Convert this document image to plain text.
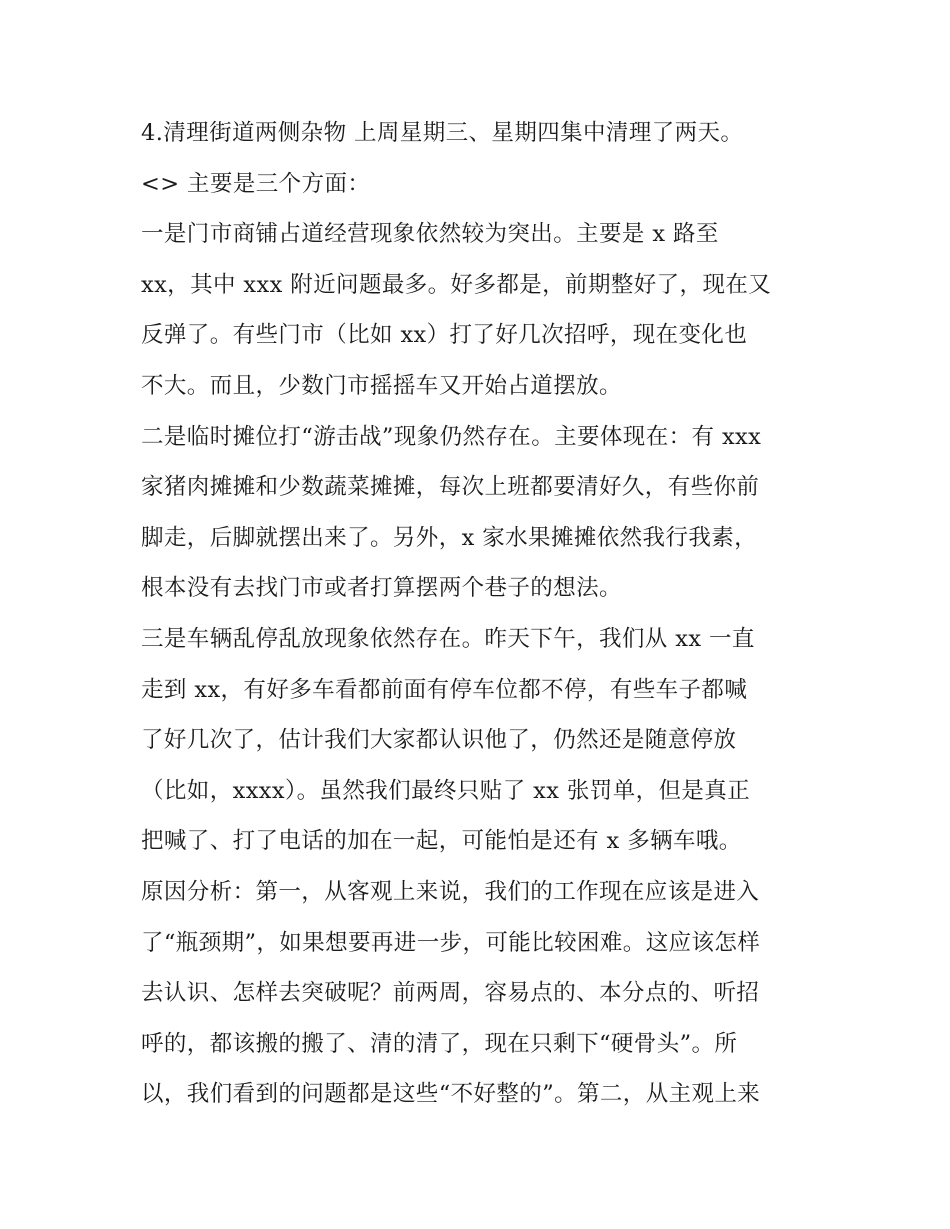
4.清理街道两侧杂物 上周星期三、星期四集中清理了两天。
<> 主要是三个方面：
一是门市商铺占道经营现象依然较为突出。主要是 x 路至
xx，其中 xxx 附近问题最多。好多都是，前期整好了，现在又
反弹了。有些门市（比如 xx）打了好几次招呼，现在变化也
不大。而且，少数门市摇摇车又开始占道摆放。
二是临时摊位打“游击战”现象仍然存在。主要体现在：有 xxx
家猪肉摊摊和少数蔬菜摊摊，每次上班都要清好久，有些你前
脚走，后脚就摆出来了。另外，x 家水果摊摊依然我行我素，
根本没有去找门市或者打算摆两个巷子的想法。
三是车辆乱停乱放现象依然存在。昨天下午，我们从 xx 一直
走到 xx，有好多车看都前面有停车位都不停，有些车子都喊
了好几次了，估计我们大家都认识他了，仍然还是随意停放
（比如，xxxx）。虽然我们最终只贴了 xx 张罚单，但是真正
把喊了、打了电话的加在一起，可能怕是还有 x 多辆车哦。
原因分析：第一，从客观上来说，我们的工作现在应该是进入
了“瓶颈期”，如果想要再进一步，可能比较困难。这应该怎样
去认识、怎样去突破呢？前两周，容易点的、本分点的、听招
呼的，都该搬的搬了、清的清了，现在只剩下“硬骨头”。所
以，我们看到的问题都是这些“不好整的”。第二，从主观上来
